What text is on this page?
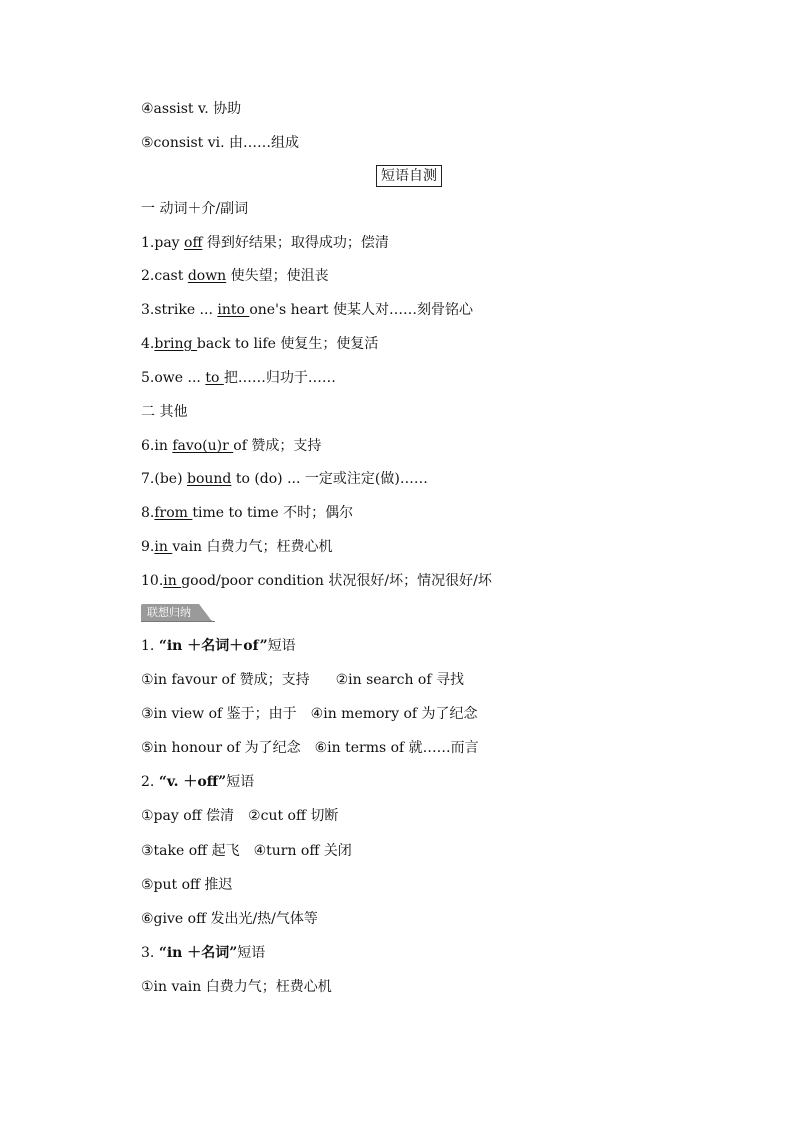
④assist v. 协助
⑤consist vi. 由……组成
短语自测
一 动词＋介/副词
1.pay off 得到好结果；取得成功；偿清
2.cast down 使失望；使沮丧
3.strike ... into one's heart 使某人对……刻骨铭心
4.bring back to life 使复生；使复活
5.owe ... to 把……归功于……
二 其他
6.in favo(u)r of 赞成；支持
7.(be) bound to (do) ... 一定或注定(做)……
8.from time to time 不时；偶尔
9.in vain 白费力气；枉费心机
10.in good/poor condition 状况很好/坏；情况很好/坏
联想归纳
1. “in ＋名词＋of”短语
①in favour of 赞成；支持 ②in search of 寻找
③in view of 鉴于；由于 ④in memory of 为了纪念
⑤in honour of 为了纪念 ⑥in terms of 就……而言
2. “v. ＋off”短语
①pay off 偿清 ②cut off 切断
③take off 起飞 ④turn off 关闭
⑤put off 推迟
⑥give off 发出光/热/气体等
3. “in ＋名词”短语
①in vain 白费力气；枉费心机
